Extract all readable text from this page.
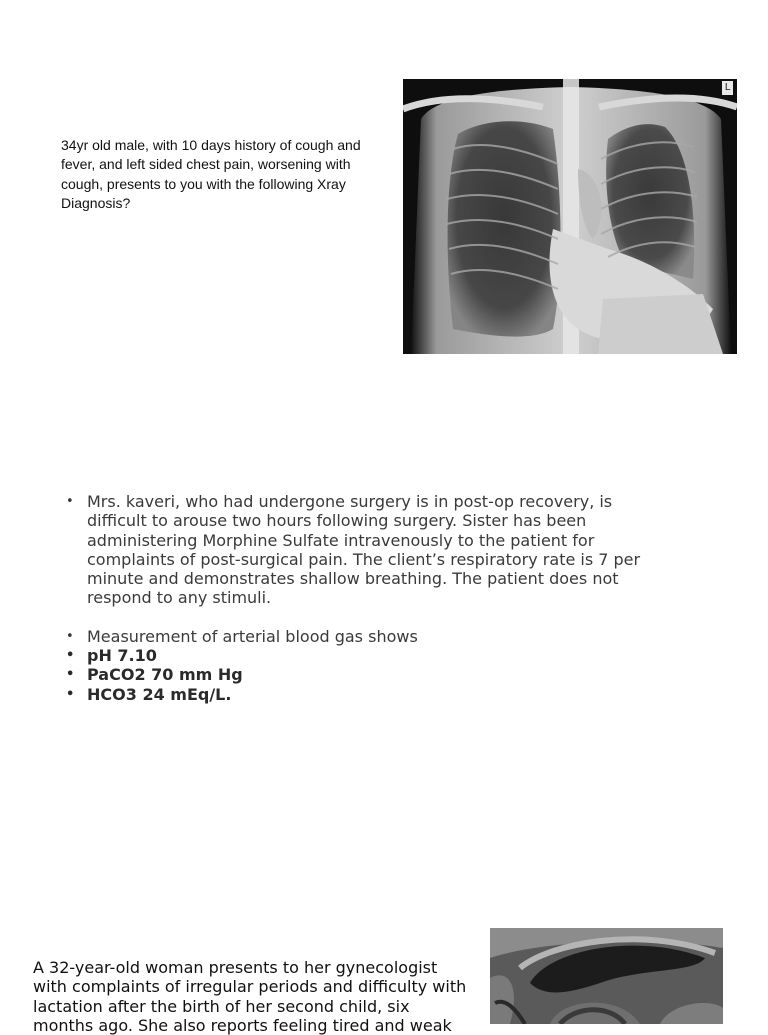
34yr old male, with 10 days history of cough and fever, and left sided chest pain, worsening with cough, presents to you with the following Xray Diagnosis?

L
• Mrs. kaveri, who had undergone surgery is in post-op recovery, is difficult to arouse two hours following surgery. Sister has been administering Morphine Sulfate intravenously to the patient for complaints of post-surgical pain. The client’s respiratory rate is 7 per minute and demonstrates shallow breathing. The patient does not respond to any stimuli.
• Measurement of arterial blood gas shows
• pH 7.10
• PaCO2 70 mm Hg
• HCO3 24 mEq/L.

A 32-year-old woman presents to her gynecologist with complaints of irregular periods and difficulty with lactation after the birth of her second child, six months ago. She also reports feeling tired and weak
